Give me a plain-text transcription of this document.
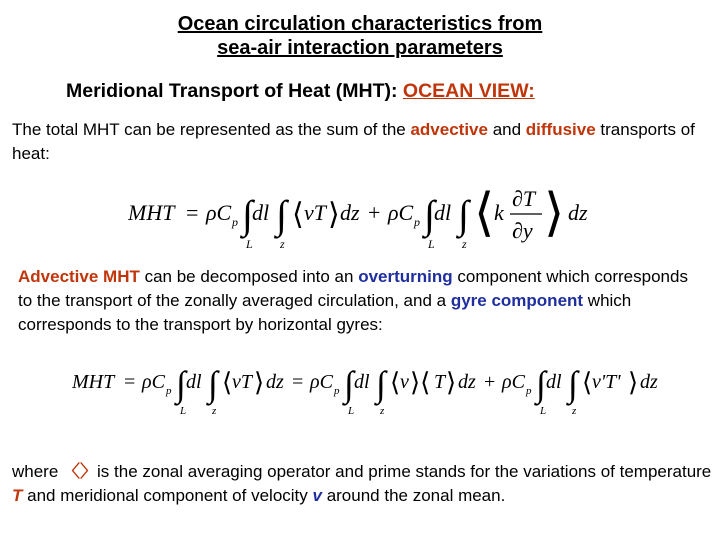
Ocean circulation characteristics from
sea-air interaction parameters
Meridional Transport of Heat (MHT): OCEAN VIEW:
The total MHT can be represented as the sum of the advective and diffusive transports of heat:
MHT = ρC p ∫ dl
L
∫
z
⟨ vT ⟩ dz + ρC p ∫ dl
L
∫
z
⟨ k
∂T
∂y ⟩ dz
Advective MHT can be decomposed into an overturning component which corresponds to the transport of the zonally averaged circulation, and a gyre component which corresponds to the transport by horizontal gyres:
MHT = ρC p ∫ dl
L
∫
z
⟨ vT ⟩ dz = ρC p ∫ dl
L
∫
z
⟨ v ⟩⟨ T ⟩ dz + ρC p ∫ dl
L
∫
z
⟨ v'T' ⟩ dz
where 〈〉is the zonal averaging operator and prime stands for the variations of temperature T and meridional component of velocity v around the zonal mean.
